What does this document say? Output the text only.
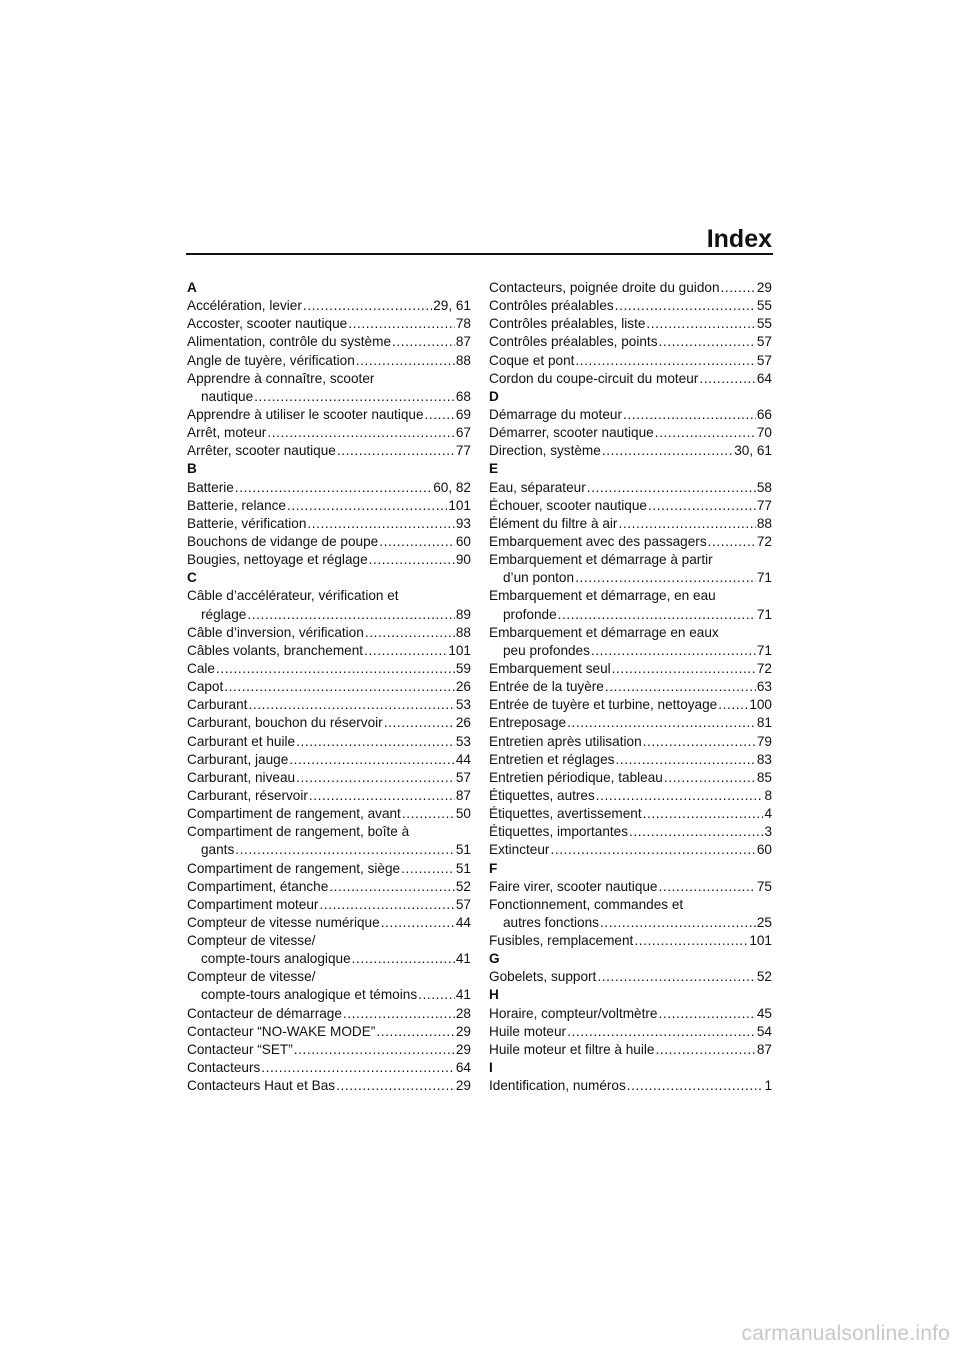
Index
A
Accélération, levier .....	29, 61
Accoster, scooter nautique .....	78
Alimentation, contrôle du système .....	87
Angle de tuyère, vérification .....	88
Apprendre à connaître, scooter
nautique .....	68
Apprendre à utiliser le scooter nautique ..... 69
Arrêt, moteur .....	67
Arrêter, scooter nautique .....	77
B
Batterie .....	60, 82
Batterie, relance .....	101
Batterie, vérification .....	93
Bouchons de vidange de poupe .....	60
Bougies, nettoyage et réglage .....	90
C
Câble d’accélérateur, vérification et
réglage .....	89
Câble d’inversion, vérification .....	88
Câbles volants, branchement .....	101
Cale .....	59
Capot .....	26
Carburant .....	53
Carburant, bouchon du réservoir .....	26
Carburant et huile .....	53
Carburant, jauge .....	44
Carburant, niveau .....	57
Carburant, réservoir .....	87
Compartiment de rangement, avant .....	50
Compartiment de rangement, boîte à
gants .....	51
Compartiment de rangement, siège .....	51
Compartiment, étanche .....	52
Compartiment moteur .....	57
Compteur de vitesse numérique .....	44
Compteur de vitesse/
compte-tours analogique .....	41
Compteur de vitesse/
compte-tours analogique et témoins .....	41
Contacteur de démarrage .....	28
Contacteur “NO-WAKE MODE” .....	29
Contacteur “SET” .....	29
Contacteurs .....	64
Contacteurs Haut et Bas .....	29
Contacteurs, poignée droite du guidon .....	29
Contrôles préalables .....	55
Contrôles préalables, liste .....	55
Contrôles préalables, points .....	57
Coque et pont .....	57
Cordon du coupe-circuit du moteur .....	64
D
Démarrage du moteur .....	66
Démarrer, scooter nautique .....	70
Direction, système .....	30, 61
E
Eau, séparateur .....	58
Échouer, scooter nautique .....	77
Élément du filtre à air .....	88
Embarquement avec des passagers .....	72
Embarquement et démarrage à partir
d’un ponton .....	71
Embarquement et démarrage, en eau
profonde .....	71
Embarquement et démarrage en eaux
peu profondes .....	71
Embarquement seul .....	72
Entrée de la tuyère .....	63
Entrée de tuyère et turbine, nettoyage ..... 100
Entreposage .....	81
Entretien après utilisation .....	79
Entretien et réglages .....	83
Entretien périodique, tableau .....	85
Étiquettes, autres .....	8
Étiquettes, avertissement .....	4
Étiquettes, importantes .....	3
Extincteur .....	60
F
Faire virer, scooter nautique .....	75
Fonctionnement, commandes et
autres fonctions .....	25
Fusibles, remplacement .....	101
G
Gobelets, support .....	52
H
Horaire, compteur/voltmètre .....	45
Huile moteur .....	54
Huile moteur et filtre à huile .....	87
I
Identification, numéros .....	1
carmanualsonline.info
